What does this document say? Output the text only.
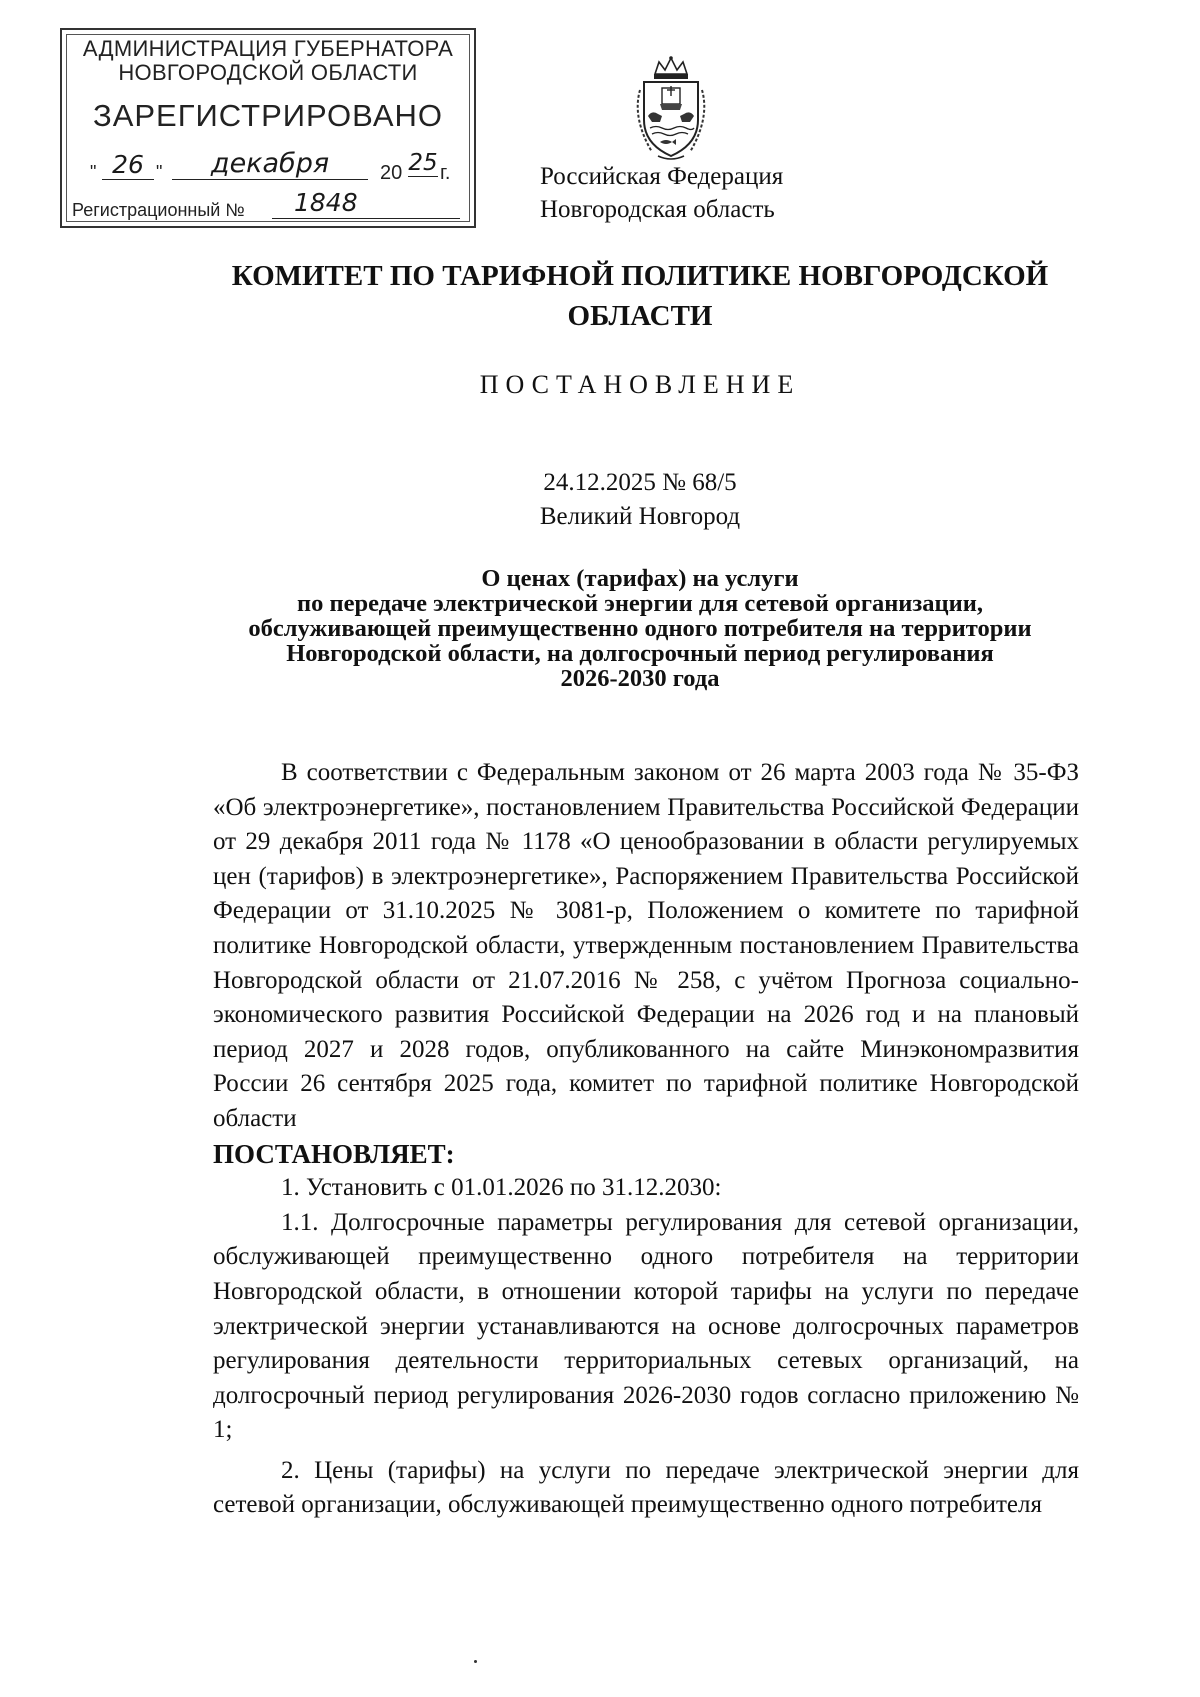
АДМИНИСТРАЦИЯ ГУБЕРНАТОРА
НОВГОРОДСКОЙ ОБЛАСТИ
ЗАРЕГИСТРИРОВАНО
" 26 "	декабря	20 25 г.
Регистрационный № 1848
Российская Федерация
Новгородская область
КОМИТЕТ ПО ТАРИФНОЙ ПОЛИТИКЕ НОВГОРОДСКОЙ
ОБЛАСТИ
ПОСТАНОВЛЕНИЕ
24.12.2025 № 68/5
Великий Новгород
О ценах (тарифах) на услуги
по передаче электрической энергии для сетевой организации,
обслуживающей преимущественно одного потребителя на территории
Новгородской области, на долгосрочный период регулирования
2026-2030 года

В соответствии с Федеральным законом от 26 марта 2003 года № 35-ФЗ «Об электроэнергетике», постановлением Правительства Российской Федерации от 29 декабря 2011 года № 1178 «О ценообразовании в области регулируемых цен (тарифов) в электроэнергетике», Распоряжением Правительства Российской Федерации от 31.10.2025 № 3081-р, Положением о комитете по тарифной политике Новгородской области, утвержденным постановлением Правительства Новгородской области от 21.07.2016 № 258, с учётом Прогноза социально-экономического развития Российской Федерации на 2026 год и на плановый период 2027 и 2028 годов, опубликованного на сайте Минэкономразвития России 26 сентября 2025 года, комитет по тарифной политике Новгородской области

ПОСТАНОВЛЯЕТ:

1. Установить с 01.01.2026 по 31.12.2030:

1.1. Долгосрочные параметры регулирования для сетевой организации, обслуживающей преимущественно одного потребителя на территории Новгородской области, в отношении которой тарифы на услуги по передаче электрической энергии устанавливаются на основе долгосрочных параметров регулирования деятельности территориальных сетевых организаций, на долгосрочный период регулирования 2026-2030 годов согласно приложению № 1;

2. Цены (тарифы) на услуги по передаче электрической энергии для сетевой организации, обслуживающей преимущественно одного потребителя
